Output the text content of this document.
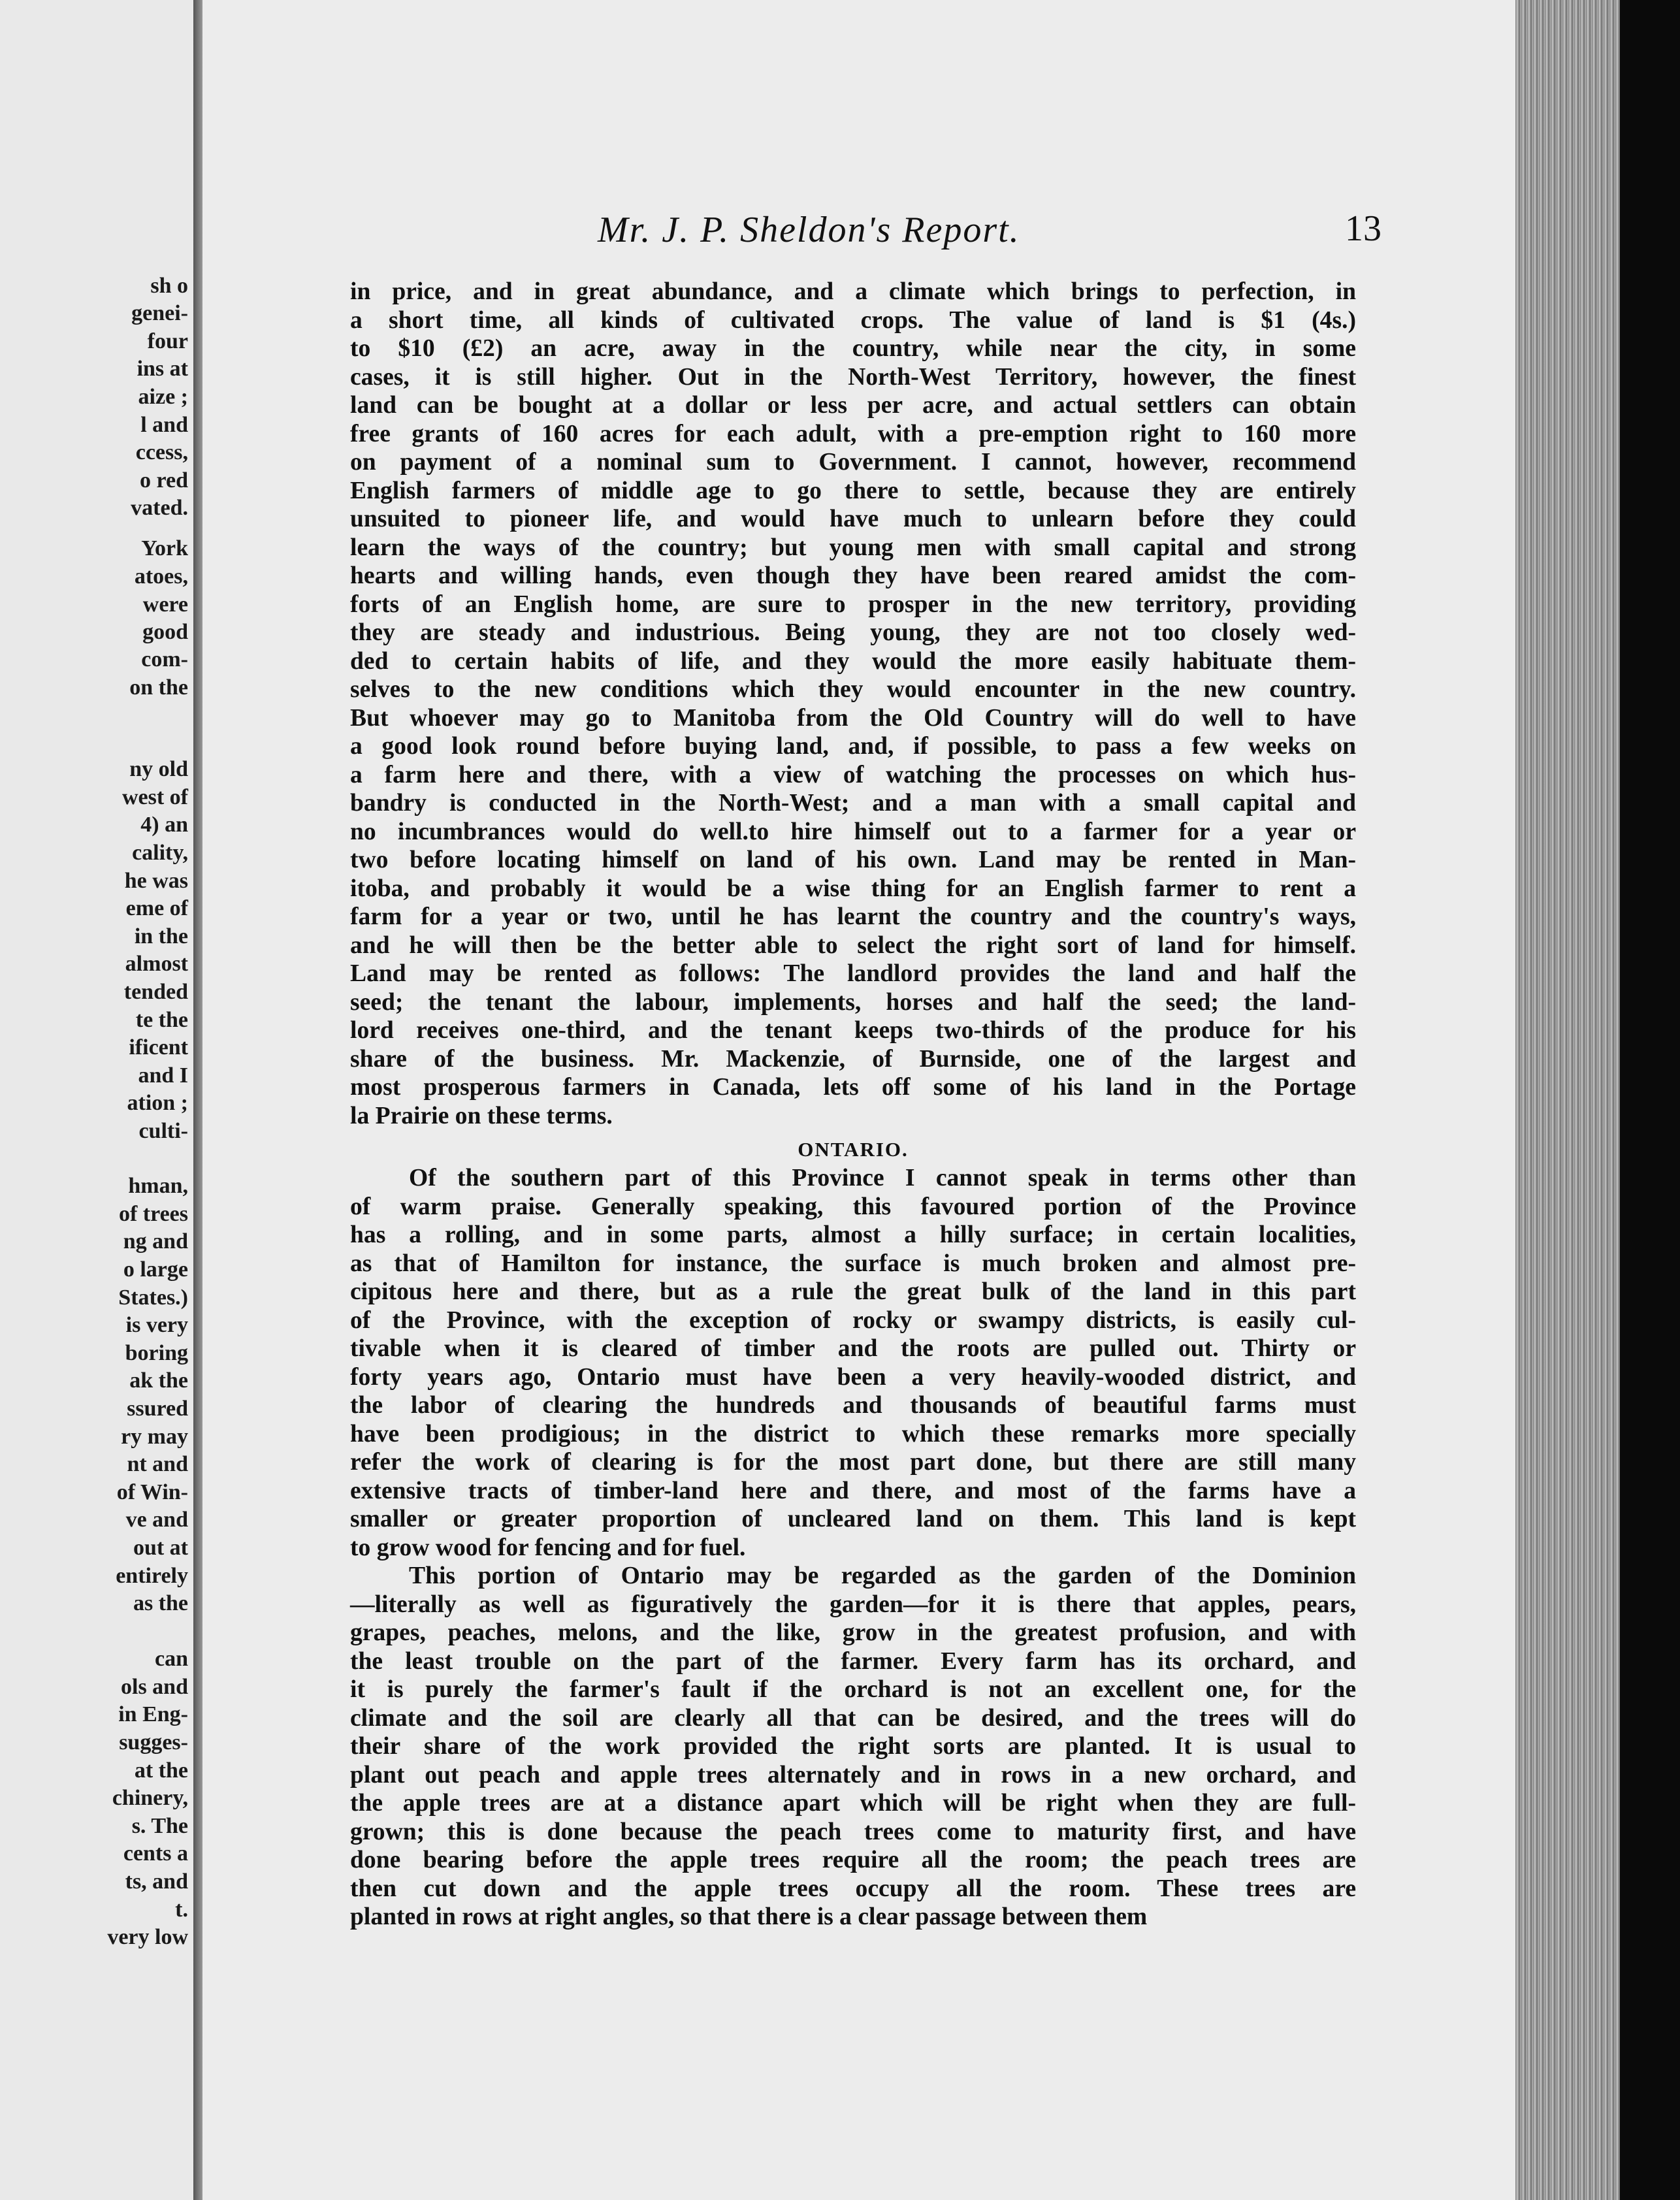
sh o
genei-
four
ins at
aize ;
l and
ccess,
o red
vated.
York
atoes,
were
good
com-
on the
ny old
west of
4) an
cality,
he was
eme of
in the
almost
tended
te the
ificent
and I
ation ;
culti-
hman,
of trees
ng and
o large
States.)
is very
boring
ak the
ssured
ry may
nt and
of Win-
ve and
out at
entirely
as the
can
ols and
in Eng-
sugges-
at the
chinery,
s. The
cents a
ts, and
t.
very low
Mr. J. P. Sheldon's Report.	13
in price, and in great abundance, and a climate which brings to perfection, in
a short time, all kinds of cultivated crops. The value of land is $1 (4s.)
to $10 (£2) an acre, away in the country, while near the city, in some
cases, it is still higher. Out in the North-West Territory, however, the finest
land can be bought at a dollar or less per acre, and actual settlers can obtain
free grants of 160 acres for each adult, with a pre-emption right to 160 more
on payment of a nominal sum to Government. I cannot, however, recommend
English farmers of middle age to go there to settle, because they are entirely
unsuited to pioneer life, and would have much to unlearn before they could
learn the ways of the country; but young men with small capital and strong
hearts and willing hands, even though they have been reared amidst the com-
forts of an English home, are sure to prosper in the new territory, providing
they are steady and industrious. Being young, they are not too closely wed-
ded to certain habits of life, and they would the more easily habituate them-
selves to the new conditions which they would encounter in the new country.
But whoever may go to Manitoba from the Old Country will do well to have
a good look round before buying land, and, if possible, to pass a few weeks on
a farm here and there, with a view of watching the processes on which hus-
bandry is conducted in the North-West; and a man with a small capital and
no incumbrances would do well.to hire himself out to a farmer for a year or
two before locating himself on land of his own. Land may be rented in Man-
itoba, and probably it would be a wise thing for an English farmer to rent a
farm for a year or two, until he has learnt the country and the country's ways,
and he will then be the better able to select the right sort of land for himself.
Land may be rented as follows: The landlord provides the land and half the
seed; the tenant the labour, implements, horses and half the seed; the land-
lord receives one-third, and the tenant keeps two-thirds of the produce for his
share of the business. Mr. Mackenzie, of Burnside, one of the largest and
most prosperous farmers in Canada, lets off some of his land in the Portage
la Prairie on these terms.
ONTARIO.
Of the southern part of this Province I cannot speak in terms other than
of warm praise. Generally speaking, this favoured portion of the Province
has a rolling, and in some parts, almost a hilly surface; in certain localities,
as that of Hamilton for instance, the surface is much broken and almost pre-
cipitous here and there, but as a rule the great bulk of the land in this part
of the Province, with the exception of rocky or swampy districts, is easily cul-
tivable when it is cleared of timber and the roots are pulled out. Thirty or
forty years ago, Ontario must have been a very heavily-wooded district, and
the labor of clearing the hundreds and thousands of beautiful farms must
have been prodigious; in the district to which these remarks more specially
refer the work of clearing is for the most part done, but there are still many
extensive tracts of timber-land here and there, and most of the farms have a
smaller or greater proportion of uncleared land on them. This land is kept
to grow wood for fencing and for fuel.
This portion of Ontario may be regarded as the garden of the Dominion
—literally as well as figuratively the garden—for it is there that apples, pears,
grapes, peaches, melons, and the like, grow in the greatest profusion, and with
the least trouble on the part of the farmer. Every farm has its orchard, and
it is purely the farmer's fault if the orchard is not an excellent one, for the
climate and the soil are clearly all that can be desired, and the trees will do
their share of the work provided the right sorts are planted. It is usual to
plant out peach and apple trees alternately and in rows in a new orchard, and
the apple trees are at a distance apart which will be right when they are full-
grown; this is done because the peach trees come to maturity first, and have
done bearing before the apple trees require all the room; the peach trees are
then cut down and the apple trees occupy all the room. These trees are
planted in rows at right angles, so that there is a clear passage between them
